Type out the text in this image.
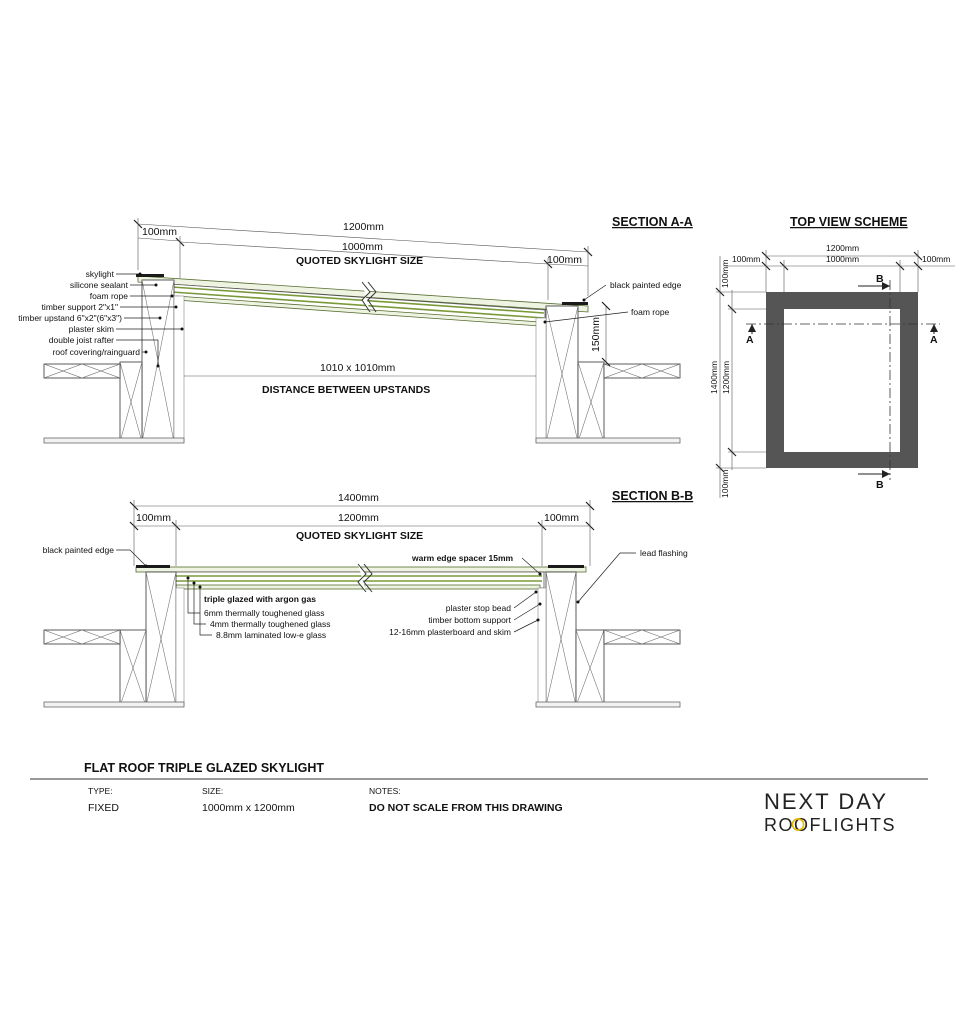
SECTION A-A
1200mm
1000mm
100mm
100mm
QUOTED SKYLIGHT SIZE
150mm
1010 x 1010mm
DISTANCE BETWEEN UPSTANDS
skylight
silicone sealant
foam rope
timber support 2"x1"
timber upstand 6"x2"(6"x3")
plaster skim
double joist rafter
roof covering/rainguard
black painted edge
foam rope
TOP VIEW SCHEME
1200mm
1000mm
100mm	100mm
A	A
B
B
100mm
1400mm 1200mm
100mm
SECTION B-B
1400mm
1200mm
100mm	100mm
QUOTED SKYLIGHT SIZE
black painted edge
triple glazed with argon gas
6mm thermally toughened glass
4mm thermally toughened glass
8.8mm laminated low-e glass
warm edge spacer 15mm	lead flashing
plaster stop bead
timber bottom support
12-16mm plasterboard and skim
FLAT ROOF TRIPLE GLAZED SKYLIGHT
TYPE:
FIXED
SIZE:
1000mm x 1200mm
NOTES:
DO NOT SCALE FROM THIS DRAWING	NEXT DAY
ROOFLIGHTS
